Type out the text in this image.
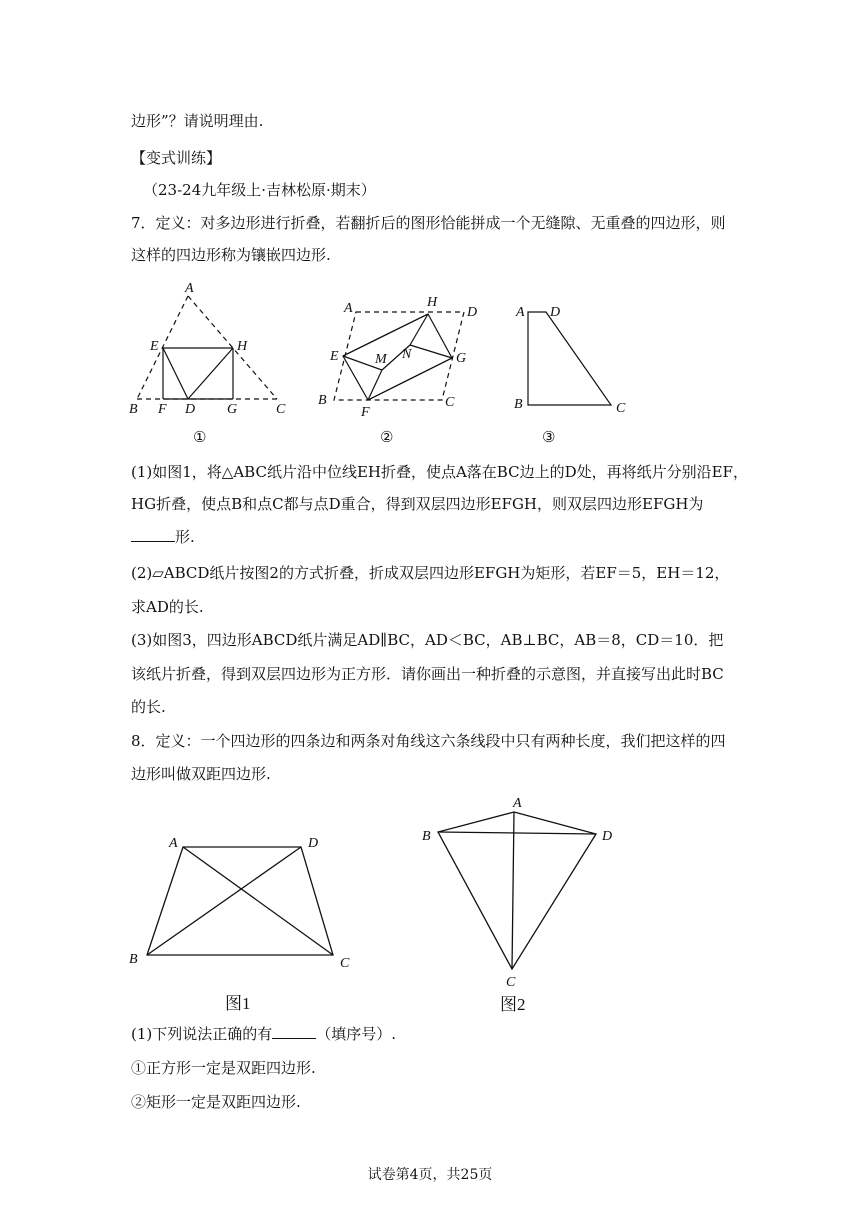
边形”？请说明理由.
【变式训练】
（23-24九年级上·吉林松原·期末）
7．定义：对多边形进行折叠，若翻折后的图形恰能拼成一个无缝隙、无重叠的四边形，则
这样的四边形称为镶嵌四边形.
A
E	H
B F D G	C
①
A	H
D
E	M N	G
B
F
C
②
A D
B	C
③
(1)如图1，将△ABC纸片沿中位线EH折叠，使点A落在BC边上的D处，再将纸片分别沿EF，
HG折叠，使点B和点C都与点D重合，得到双层四边形EFGH，则双层四边形EFGH为
形.
(2)▱ABCD纸片按图2的方式折叠，折成双层四边形EFGH为矩形，若EF＝5，EH＝12，
求AD的长.
(3)如图3，四边形ABCD纸片满足AD∥BC，AD＜BC，AB⊥BC，AB＝8，CD＝10．把
该纸片折叠，得到双层四边形为正方形．请你画出一种折叠的示意图，并直接写出此时BC
的长.
8．定义：一个四边形的四条边和两条对角线这六条线段中只有两种长度，我们把这样的四
边形叫做双距四边形.
A	D
B	C
图1
A
B	D
C
图2
(1)下列说法正确的有	（填序号）.
①正方形一定是双距四边形.
②矩形一定是双距四边形.
试卷第4页，共25页
